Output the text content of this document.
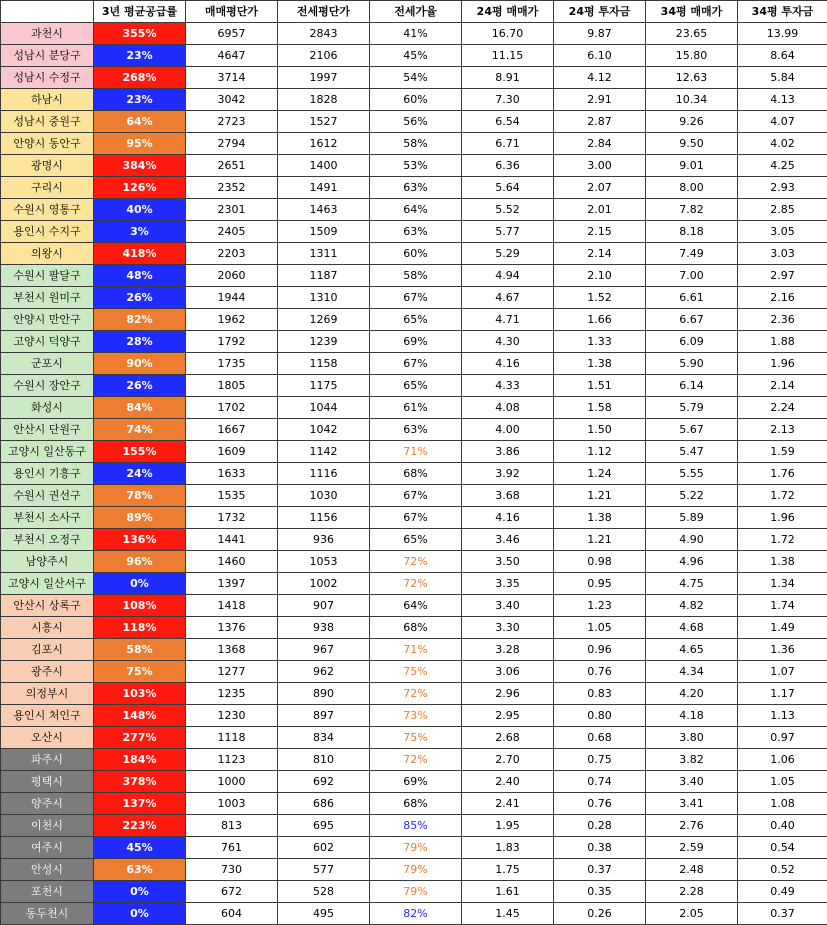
	3년 평균공급률	매매평단가	전세평단가	전세가율	24평 매매가	24평 투자금	34평 매매가	34평 투자금
과천시	355%	6957	2843	41%	16.70	9.87	23.65	13.99
성남시 분당구	23%	4647	2106	45%	11.15	6.10	15.80	8.64
성남시 수정구	268%	3714	1997	54%	8.91	4.12	12.63	5.84
하남시	23%	3042	1828	60%	7.30	2.91	10.34	4.13
성남시 중원구	64%	2723	1527	56%	6.54	2.87	9.26	4.07
안양시 동안구	95%	2794	1612	58%	6.71	2.84	9.50	4.02
광명시	384%	2651	1400	53%	6.36	3.00	9.01	4.25
구리시	126%	2352	1491	63%	5.64	2.07	8.00	2.93
수원시 영통구	40%	2301	1463	64%	5.52	2.01	7.82	2.85
용인시 수지구	3%	2405	1509	63%	5.77	2.15	8.18	3.05
의왕시	418%	2203	1311	60%	5.29	2.14	7.49	3.03
수원시 팔달구	48%	2060	1187	58%	4.94	2.10	7.00	2.97
부천시 원미구	26%	1944	1310	67%	4.67	1.52	6.61	2.16
안양시 만안구	82%	1962	1269	65%	4.71	1.66	6.67	2.36
고양시 덕양구	28%	1792	1239	69%	4.30	1.33	6.09	1.88
군포시	90%	1735	1158	67%	4.16	1.38	5.90	1.96
수원시 장안구	26%	1805	1175	65%	4.33	1.51	6.14	2.14
화성시	84%	1702	1044	61%	4.08	1.58	5.79	2.24
안산시 단원구	74%	1667	1042	63%	4.00	1.50	5.67	2.13
고양시 일산동구	155%	1609	1142	71%	3.86	1.12	5.47	1.59
용인시 기흥구	24%	1633	1116	68%	3.92	1.24	5.55	1.76
수원시 권선구	78%	1535	1030	67%	3.68	1.21	5.22	1.72
부천시 소사구	89%	1732	1156	67%	4.16	1.38	5.89	1.96
부천시 오정구	136%	1441	936	65%	3.46	1.21	4.90	1.72
남양주시	96%	1460	1053	72%	3.50	0.98	4.96	1.38
고양시 일산서구	0%	1397	1002	72%	3.35	0.95	4.75	1.34
안산시 상록구	108%	1418	907	64%	3.40	1.23	4.82	1.74
시흥시	118%	1376	938	68%	3.30	1.05	4.68	1.49
김포시	58%	1368	967	71%	3.28	0.96	4.65	1.36
광주시	75%	1277	962	75%	3.06	0.76	4.34	1.07
의정부시	103%	1235	890	72%	2.96	0.83	4.20	1.17
용인시 처인구	148%	1230	897	73%	2.95	0.80	4.18	1.13
오산시	277%	1118	834	75%	2.68	0.68	3.80	0.97
파주시	184%	1123	810	72%	2.70	0.75	3.82	1.06
평택시	378%	1000	692	69%	2.40	0.74	3.40	1.05
양주시	137%	1003	686	68%	2.41	0.76	3.41	1.08
이천시	223%	813	695	85%	1.95	0.28	2.76	0.40
여주시	45%	761	602	79%	1.83	0.38	2.59	0.54
안성시	63%	730	577	79%	1.75	0.37	2.48	0.52
포천시	0%	672	528	79%	1.61	0.35	2.28	0.49
동두천시	0%	604	495	82%	1.45	0.26	2.05	0.37
